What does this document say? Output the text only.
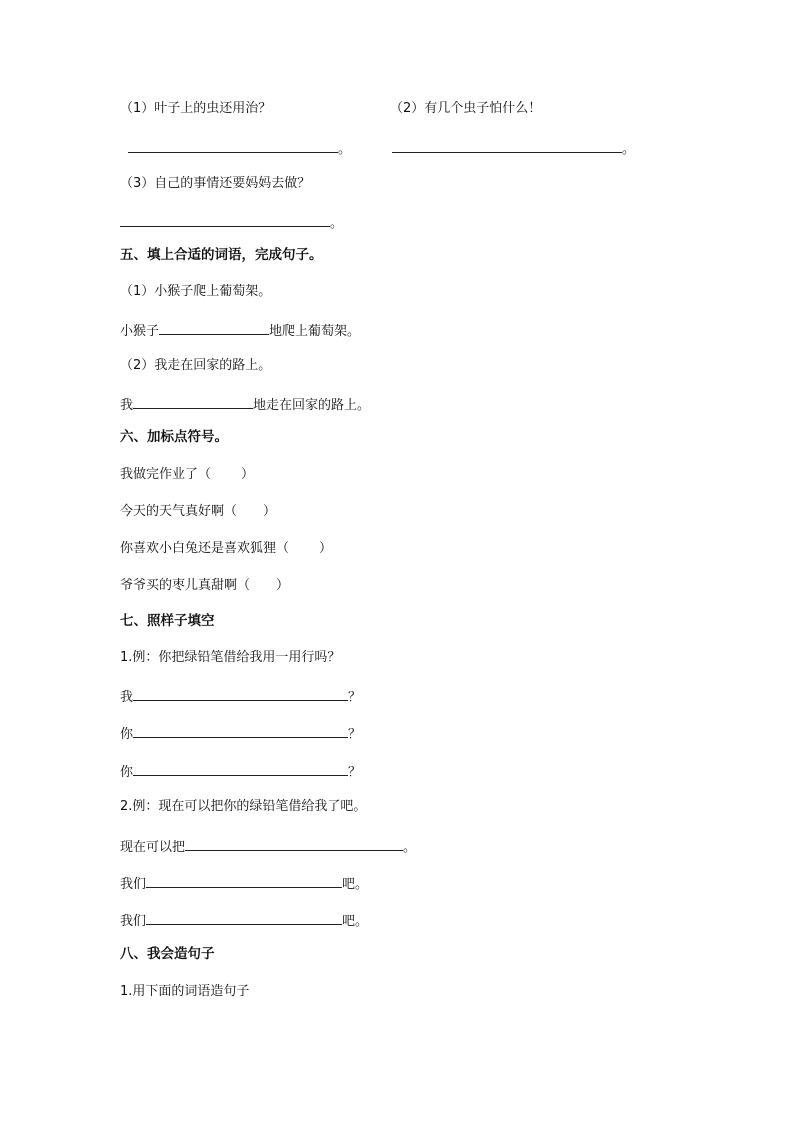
（1）叶子上的虫还用治？	（2）有几个虫子怕什么！
。	。
（3）自己的事情还要妈妈去做？
。
五、填上合适的词语，完成句子。
（1）小猴子爬上葡萄架。
小猴子	地爬上葡萄架。
（2）我走在回家的路上。
我	地走在回家的路上。
六、加标点符号。
我做完作业了（ ）
今天的天气真好啊（ ）
你喜欢小白兔还是喜欢狐狸（ ）
爷爷买的枣儿真甜啊（ ）
七、照样子填空
1.例：你把绿铅笔借给我用一用行吗？
我	？
你	？
你	？
2.例：现在可以把你的绿铅笔借给我了吧。
现在可以把	。
我们	吧。
我们	吧。
八、我会造句子
1.用下面的词语造句子
